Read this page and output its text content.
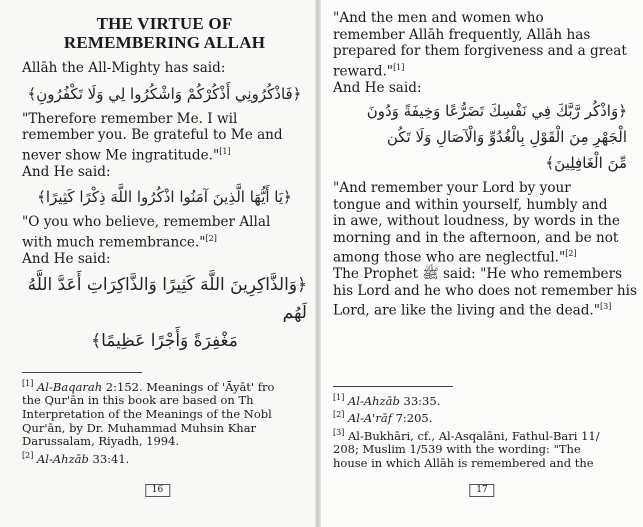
THE VIRTUE OF
REMEMBERING ALLAH

Allāh the All-Mighty has said:

﴿فَاذْكُرُونِي أَذْكُرْكُمْ وَاشْكُرُوا لِي وَلَا تَكْفُرُونِ﴾

"Therefore remember Me. I wil

remember you. Be grateful to Me and

never show Me ingratitude."[1]

And He said:

﴿يَا أَيُّهَا الَّذِينَ آمَنُوا اذْكُرُوا اللَّهَ ذِكْرًا كَثِيرًا﴾

"O you who believe, remember Allal

with much remembrance."[2]

And He said:

﴿وَالذَّاكِرِينَ اللَّهَ كَثِيرًا وَالذَّاكِرَاتِ أَعَدَّ اللَّهُ لَهُم
مَغْفِرَةً وَأَجْرًا عَظِيمًا﴾

[1] Al-Baqarah 2:152. Meanings of 'Āyāt' fro

the Qur'ān in this book are based on Th

Interpretation of the Meanings of the Nobl

Qur'ān, by Dr. Muhammad Muhsin Khar

Darussalam, Riyadh, 1994.

[2] Al-Ahzāb 33:41.

16

"And the men and women who

remember Allāh frequently, Allāh has

prepared for them forgiveness and a great

reward."[1]

And He said:

﴿وَاذْكُر رَّبَّكَ فِي نَفْسِكَ تَضَرُّعًا وَخِيفَةً وَدُونَ
الْجَهْرِ مِنَ الْقَوْلِ بِالْغُدُوِّ وَالْآصَالِ وَلَا تَكُن
مِّنَ الْغَافِلِينَ﴾

"And remember your Lord by your

tongue and within yourself, humbly and

in awe, without loudness, by words in the

morning and in the afternoon, and be not

among those who are neglectful."[2]

The Prophet ﷺ said: "He who remembers

his Lord and he who does not remember his

Lord, are like the living and the dead."[3]

[1] Al-Ahzāb 33:35.

[2] Al-A'rāf 7:205.

[3] Al-Bukhāri, cf., Al-Asqalāni, Fathul-Bari 11/

208; Muslim 1/539 with the wording: "The

house in which Allāh is remembered and the

17
